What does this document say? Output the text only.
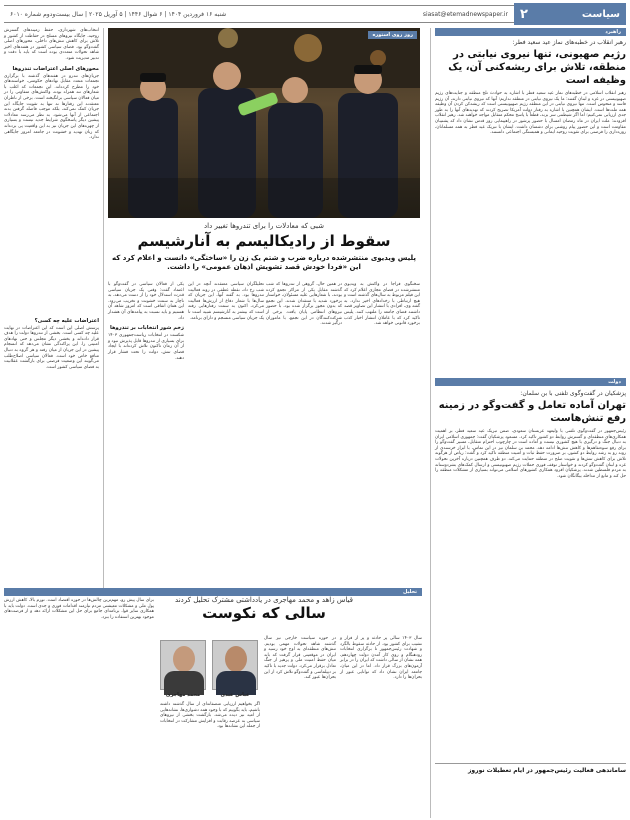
سیاست
۲
شنبه ۱۶ فروردین ۱۴۰۴ | ۶ شوال ۱۴۴۶ | ۵ آوریل ۲۰۲۵ | سال بیست‌ودوم شماره ۶۰۱۰	siasat@etemadnewspaper.ir
راهبرد
رهبر انقلاب در خطبه‌های نماز عید سعید فطر:
رژیم صهیونی، تنها نیروی نیابتی در منطقه، تلاش برای ریشه‌کنی آن، یک وظیفه است
رهبر انقلاب اسلامی در خطبه‌های نماز عید سعید فطر با اشاره به حوادث تلخ منطقه و جنایت‌های رژیم صهیونیستی در غزه و لبنان گفتند: ما یک نیروی نیابتی در منطقه نداریم؛ آنها که نیروی نیابتی دارند، آن رژیم فاسد و منحوس است. تنها نیروی نیابتی در این منطقه رژیم صهیونیستی است که ریشه‌کن کردن آن وظیفه همه ملت‌ها است. ایشان همچنین با اشاره به رفتار دولت آمریکا تصریح کردند که تهدیدهای آنها را به طور جدی ارزیابی نمی‌کنیم؛ اما اگر شیطنتی سر بزند، قطعاً با پاسخ محکم متقابل مواجه خواهند شد. رهبر انقلاب افزودند: ملت ایران در ماه رمضان امسال با حضور پرشور در راهپیمایی روز قدس نشان داد که پشتیبان مقاومت است و این حضور پیام روشنی برای دشمنان داشت. ایشان با تبریک عید فطر به همه مسلمانان، روزه‌داری را فرصتی برای تقویت روحیه ایمانی و همبستگی اجتماعی دانستند.
دولت
پزشکیان در گفت‌وگوی تلفنی با بن سلمان:
تهران آماده تعامل و گفت‌وگو در زمینه رفع تنش‌هاست
رئیس‌جمهور در گفت‌وگوی تلفنی با ولیعهد عربستان سعودی، ضمن تبریک عید سعید فطر، بر اهمیت همکاری‌های منطقه‌ای و گسترش روابط دو کشور تاکید کرد. مسعود پزشکیان گفت: جمهوری اسلامی ایران به دنبال جنگ و درگیری با هیچ کشوری نیست و آماده است در چارچوب احترام متقابل، مسیر گفت‌وگو را برای رفع سوءتفاهم‌ها و کاهش تنش‌ها ادامه دهد. محمد بن سلمان نیز در این تماس، با ابراز خرسندی از روند رو به رشد روابط دو کشور، بر ضرورت حفظ ثبات و امنیت منطقه تاکید کرد و گفت: ریاض از هرگونه تلاش برای کاهش تنش‌ها و تقویت صلح در منطقه حمایت می‌کند. دو طرف همچنین درباره آخرین تحولات غزه و لبنان گفت‌وگو کردند و خواستار توقف فوری حملات رژیم صهیونیستی و ارسال کمک‌های بشردوستانه به مردم فلسطین شدند. پزشکیان افزود همکاری کشورهای اسلامی می‌تواند بسیاری از مشکلات منطقه را حل کند و مانع از مداخله بیگانگان شود.
ساماندهی فعالیت رئیس‌جمهور در ایام تعطیلات نوروز
انتخاب‌های شهرداری، حفظ زمینه‌های گسترش روحیه، جایگاه نیروهای مسلح در حفاظت از کشور و تلاش برای کاهش تنش‌های داخلی، محورهای اصلی گفت‌وگو بود. فضای سیاسی کشور در هفته‌های اخیر شاهد تحولات متعددی بوده است که باید با دقت و تدبیر مدیریت شود.
محورهای اصلی اعتراضات تندروها
جریان‌های تندرو در هفته‌های گذشته با برگزاری تجمعات متعدد مقابل نهادهای حکومتی، خواسته‌های خود را مطرح کرده‌اند. این تجمعات که اغلب با شعارهای تند همراه بوده، واکنش‌های متفاوتی را در میان فعالان سیاسی برانگیخته است. برخی از ناظران معتقدند این رفتارها نه تنها به تقویت جایگاه این جریان کمک نمی‌کند، بلکه موجب فاصله گرفتن بدنه اجتماعی از آنها می‌شود. به نظر می‌رسد معادلات پیشین دیگر پاسخگوی شرایط جدید نیست و بسیاری از چهره‌های این جریان نیز به این واقعیت پی برده‌اند که زبان تهدید و خشونت در جامعه امروز جایگاهی ندارد.
اعتراضات علیه چه کسی؟
پرسش اصلی این است که این اعتراضات در نهایت علیه چه کسی است. بخشی از تندروها دولت را هدف قرار داده‌اند و بخشی دیگر مجلس و حتی نهادهای امنیتی را. این پراکندگی نشان می‌دهد که انسجام پیشین در این جریان از میان رفته و هر گروه به دنبال منافع خاص خود است. فعالان سیاسی اصلاح‌طلب می‌گویند این وضعیت فرصتی برای بازگشت عقلانیت به فضای سیاسی کشور است.
روز روی استوره
شبی که معادلات را برای تندروها تغییر داد
سقوط از رادیکالیسم به آنارشیسم
پلیس ویدیوی منتشرشده درباره ضرب و شتم یک زن را «ساختگی» دانست و اعلام کرد که این «فردا خودش قصد تشویش اذهان عمومی» را داشت.
سخنگوی فراجا در واکنش به ویدیوی منتشرشده در فضای مجازی اعلام کرد که این فیلم مربوط به سال‌های گذشته است و هیچ ارتباطی با رخدادهای اخیر ندارد. به گفته وی، افرادی با انتشار این تصاویر قصد داشتند فضای جامعه را ملتهب کنند. پلیس تاکید کرد که با عاملان انتشار اخبار کذب برخورد قانونی خواهد شد.
در همین حال، گروهی از تندروها که شب گذشته مقابل یکی از مراکز تجمع کرده بودند، با شعارهایی علیه مسئولان، خواستار برخورد شدید با منتقدان شدند. این تجمع که بدون مجوز برگزار شده بود، با حضور نیروهای انتظامی پایان یافت. برخی از شرکت‌کنندگان در این تجمع، با ماموران درگیر شدند.
تحلیلگران سیاسی معتقدند آنچه در این شب رخ داد، نقطه عطفی در روند فعالیت تندروها بود. به گفته آنها، این جریان که سال‌ها با شعار دفاع از ارزش‌ها فعالیت می‌کرد، اکنون به سمت رفتارهایی رفته است که بیشتر به آنارشیسم شبیه است تا یک جریان سیاسی منسجم و دارای برنامه.
یکی از فعالان سیاسی در گفت‌وگو با اعتماد گفت: وقتی یک جریان سیاسی قدرت استدلال خود را از دست می‌دهد، به ناچار به سمت خشونت و تخریب می‌رود. این همان اتفاقی است که امروز شاهد آن هستیم و باید نسبت به پیامدهای آن هشدار داد.
زخم شور انتخابات بر تندروها
شکست در انتخابات ریاست‌جمهوری ۱۴۰۳ برای بسیاری از تندروها قابل پذیرش نبود و از آن زمان تاکنون تلاش کرده‌اند با ایجاد فضای تنش، دولت را تحت فشار قرار دهند.
تحلیل
قیاس زاهد و محمد مهاجری در یادداشتی مشترک تحلیل کردند
سالی که نکوست
عباس عبدی
محمد مهاجری
سال ۱۴۰۳ سالی پر حادثه و پر از فراز و نشیب برای کشور بود. از حادثه سقوط بالگرد و شهادت رئیس‌جمهور تا برگزاری انتخابات زودهنگام و روی کار آمدن دولت چهاردهم، همه نشان از سالی داشت که ایران را در برابر آزمون‌های بزرگ قرار داد. اما در این میان، جامعه ایران نشان داد که توانایی عبور از بحران‌ها را دارد.
در حوزه سیاست خارجی نیز سال گذشته شاهد تحولات مهمی بودیم. تنش‌های منطقه‌ای به اوج خود رسید و ایران در موقعیتی قرار گرفت که باید میان حفظ امنیت ملی و پرهیز از جنگ تعادل برقرار می‌کرد. دولت جدید با تاکید بر دیپلماسی و گفت‌وگو تلاش کرد از این بحران‌ها عبور کند.
اگر بخواهیم ارزیابی منصفانه‌ای از سال گذشته داشته باشیم، باید بگوییم که با وجود همه دشواری‌ها، نشانه‌هایی از امید نیز دیده می‌شد. بازگشت بخشی از نیروهای سیاسی به عرصه رقابت و افزایش مشارکت در انتخابات از جمله این نشانه‌ها بود.
برای سال پیش رو، مهم‌ترین چالش‌ها در حوزه اقتصاد است. تورم بالا، کاهش ارزش پول ملی و مشکلات معیشتی مردم نیازمند اقدامات فوری و جدی است. دولت باید با همکاری سایر قوا، برنامه‌ای جامع برای حل این مشکلات ارائه دهد و از فرصت‌های موجود بهترین استفاده را ببرد.
